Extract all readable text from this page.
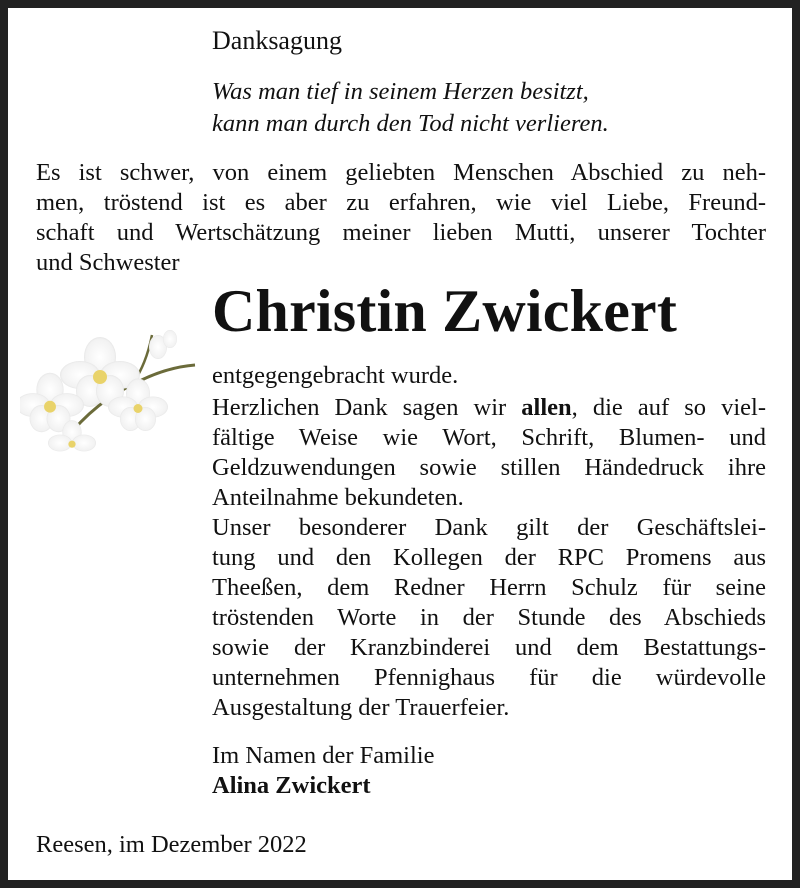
Danksagung
Was man tief in seinem Herzen besitzt,
kann man durch den Tod nicht verlieren.
Es ist schwer, von einem geliebten Menschen Abschied zu neh-
men, tröstend ist es aber zu erfahren, wie viel Liebe, Freund-
schaft und Wertschätzung meiner lieben Mutti, unserer Tochter
und Schwester
Christin Zwickert
entgegengebracht wurde.
Herzlichen Dank sagen wir allen, die auf so viel-
fältige Weise wie Wort, Schrift, Blumen- und
Geldzuwendungen sowie stillen Händedruck ihre
Anteilnahme bekundeten.
Unser besonderer Dank gilt der Geschäftslei-
tung und den Kollegen der RPC Promens aus
Theeßen, dem Redner Herrn Schulz für seine
tröstenden Worte in der Stunde des Abschieds
sowie der Kranzbinderei und dem Bestattungs-
unternehmen Pfennighaus für die würdevolle
Ausgestaltung der Trauerfeier.
Im Namen der Familie
Alina Zwickert
Reesen, im Dezember 2022
